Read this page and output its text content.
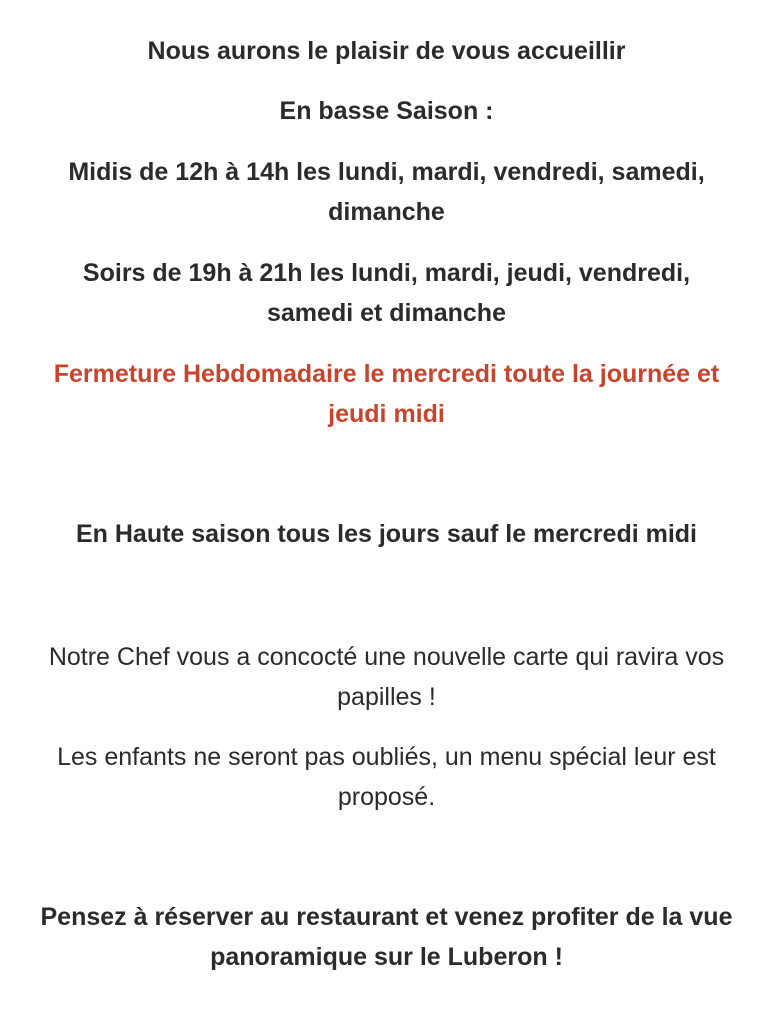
Nous aurons le plaisir de vous accueillir

En basse Saison :

Midis de 12h à 14h les lundi, mardi, vendredi, samedi, dimanche

Soirs de 19h à 21h les lundi, mardi, jeudi, vendredi, samedi et dimanche

Fermeture Hebdomadaire le mercredi toute la journée et jeudi midi

En Haute saison tous les jours sauf le mercredi midi

Notre Chef vous a concocté une nouvelle carte qui ravira vos papilles !

Les enfants ne seront pas oubliés, un menu spécial leur est proposé.

Pensez à réserver au restaurant et venez profiter de la vue panoramique sur le Luberon !
